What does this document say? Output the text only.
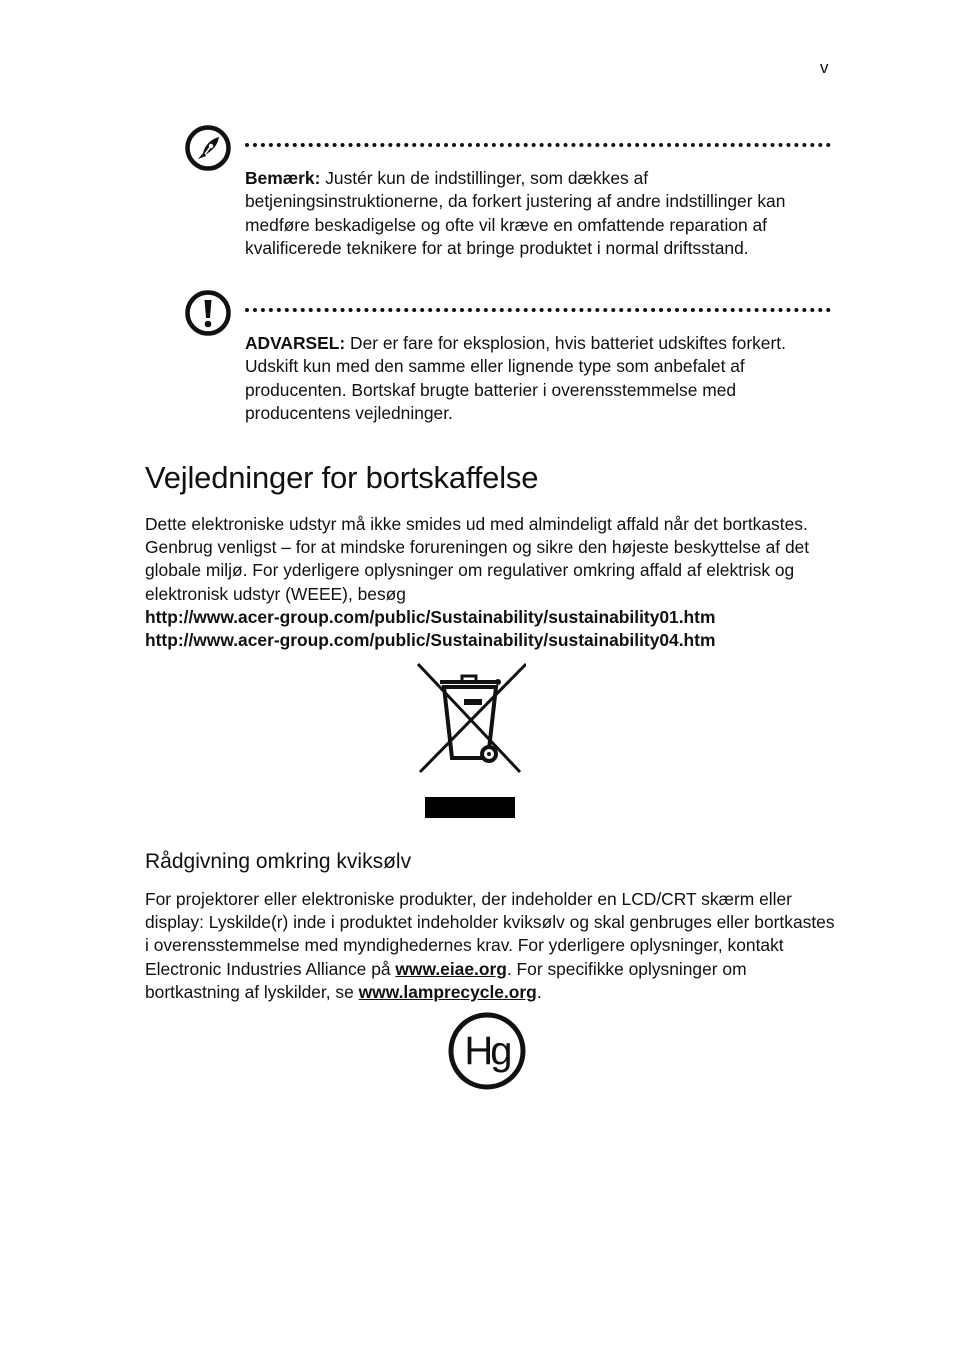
v
Bemærk: Justér kun de indstillinger, som dækkes af betjeningsinstruktionerne, da forkert justering af andre indstillinger kan medføre beskadigelse og ofte vil kræve en omfattende reparation af kvalificerede teknikere for at bringe produktet i normal driftsstand.
ADVARSEL: Der er fare for eksplosion, hvis batteriet udskiftes forkert. Udskift kun med den samme eller lignende type som anbefalet af producenten. Bortskaf brugte batterier i overensstemmelse med producentens vejledninger.
Vejledninger for bortskaffelse
Dette elektroniske udstyr må ikke smides ud med almindeligt affald når det bortkastes. Genbrug venligst – for at mindske forureningen og sikre den højeste beskyttelse af det globale miljø. For yderligere oplysninger om regulativer omkring affald af elektrisk og elektronisk udstyr (WEEE), besøg
http://www.acer-group.com/public/Sustainability/sustainability01.htm
http://www.acer-group.com/public/Sustainability/sustainability04.htm
Rådgivning omkring kviksølv
For projektorer eller elektroniske produkter, der indeholder en LCD/CRT skærm eller display: Lyskilde(r) inde i produktet indeholder kviksølv og skal genbruges eller bortkastes i overensstemmelse med myndighedernes krav. For yderligere oplysninger, kontakt Electronic Industries Alliance på www.eiae.org. For specifikke oplysninger om bortkastning af lyskilder, se www.lamprecycle.org.
Hg
